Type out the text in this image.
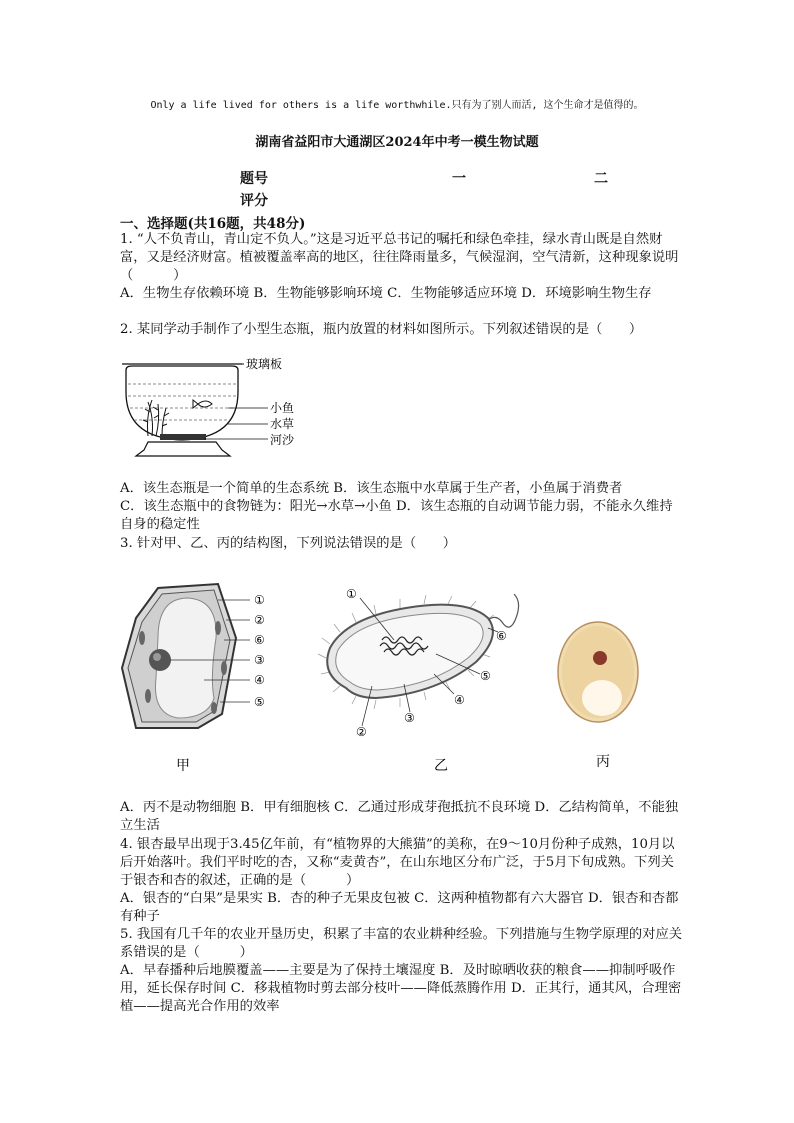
Only a life lived for others is a life worthwhile.只有为了别人而活, 这个生命才是值得的。
湖南省益阳市大通湖区2024年中考一模生物试题
题号	一	二
评分
一、选择题(共16题，共48分)
1. “人不负青山，青山定不负人。”这是习近平总书记的嘱托和绿色牵挂，绿水青山既是自然财富，又是经济财富。植被覆盖率高的地区，往往降雨量多，气候湿润，空气清新，这种现象说明（　　　）
A．生物生存依赖环境 B．生物能够影响环境 C．生物能够适应环境 D．环境影响生物生存
2. 某同学动手制作了小型生态瓶，瓶内放置的材料如图所示。下列叙述错误的是（　　）
玻璃板
小鱼
水草
河沙
A．该生态瓶是一个简单的生态系统 B．该生态瓶中水草属于生产者，小鱼属于消费者
C．该生态瓶中的食物链为：阳光→水草→小鱼 D．该生态瓶的自动调节能力弱，不能永久维持自身的稳定性
3. 针对甲、乙、丙的结构图，下列说法错误的是（　　）
①
②
⑥
③
④
⑤
甲
①
⑥
⑤
④
③
②
乙	丙
A．丙不是动物细胞 B．甲有细胞核 C．乙通过形成芽孢抵抗不良环境 D．乙结构简单，不能独立生活
4. 银杏最早出现于3.45亿年前，有“植物界的大熊猫”的美称，在9～10月份种子成熟，10月以后开始落叶。我们平时吃的杏，又称“麦黄杏”，在山东地区分布广泛，于5月下旬成熟。下列关于银杏和杏的叙述，正确的是（　　　）
A．银杏的“白果”是果实 B．杏的种子无果皮包被 C．这两种植物都有六大器官 D．银杏和杏都有种子
5. 我国有几千年的农业开垦历史，积累了丰富的农业耕种经验。下列措施与生物学原理的对应关系错误的是（　　　）
A．早春播种后地膜覆盖——主要是为了保持土壤湿度 B．及时晾晒收获的粮食——抑制呼吸作用，延长保存时间 C．移栽植物时剪去部分枝叶——降低蒸腾作用 D．正其行，通其风，合理密植——提高光合作用的效率
